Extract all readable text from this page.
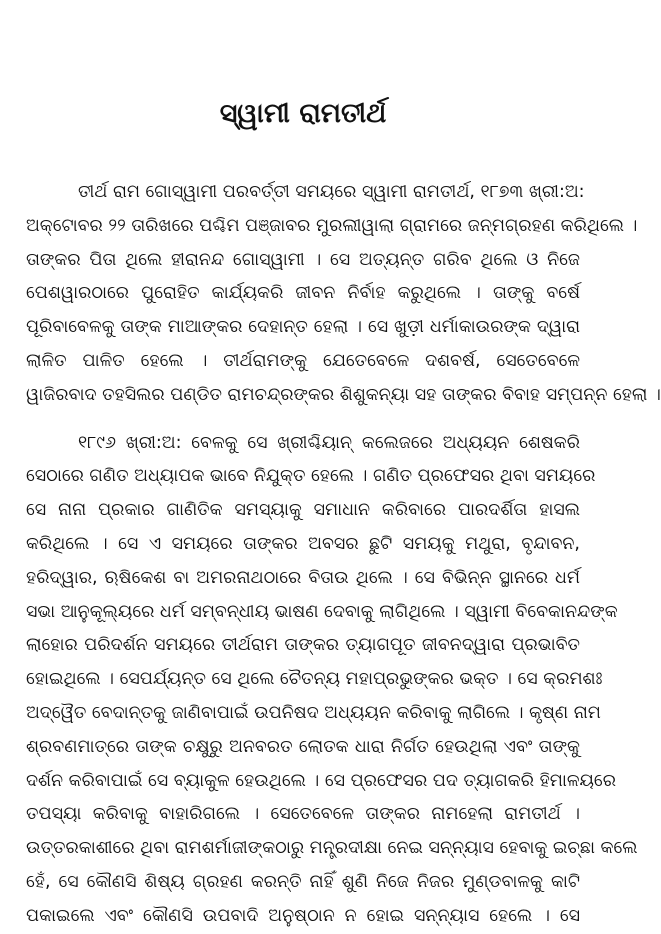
ସ୍ୱାମୀ ରାମତୀର୍ଥ
ତୀର୍ଥ ରାମ ଗୋସ୍ୱାମୀ ପରବର୍ତ୍ତୀ ସମୟରେ ସ୍ୱାମୀ ରାମତୀର୍ଥ, ୧୮୭୩ ଖ୍ରୀ:ଅ:
ଅକ୍ଟୋବର ୨୨ ତାରିଖରେ ପଶ୍ଚିମ ପଞ୍ଜାବର ମୁରଲୀୱାଲା ଗ୍ରାମରେ ଜନ୍ମଗ୍ରହଣ କରିଥିଲେ ।
ତାଙ୍କର ପିତା ଥିଲେ ହୀରାନନ୍ଦ ଗୋସ୍ୱାମୀ । ସେ ଅତ୍ୟନ୍ତ ଗରିବ ଥିଲେ ଓ ନିଜେ
ପେଶୱାରଠାରେ ପୁରୋହିତ କାର୍ଯ୍ୟକରି ଜୀବନ ନିର୍ବାହ କରୁଥିଲେ । ତାଙ୍କୁ ବର୍ଷେ
ପୂରିବାବେଳକୁ ତାଙ୍କ ମାଆଙ୍କର ଦେହାନ୍ତ ହେଲା । ସେ ଖୁଡ଼ୀ ଧର୍ମାକାଉରଙ୍କ ଦ୍ୱାରା
ଲାଳିତ ପାଳିତ ହେଲେ । ତୀର୍ଥରାମଙ୍କୁ ଯେତେବେଳେ ଦଶବର୍ଷ, ସେତେବେଳେ
ୱାଜିରବାଦ ତହସିଲର ପଣ୍ଡିତ ରାମଚନ୍ଦ୍ରଙ୍କର ଶିଶୁକନ୍ୟା ସହ ତାଙ୍କର ବିବାହ ସମ୍ପନ୍ନ ହେଲା ।
୧୮୯୬ ଖ୍ରୀ:ଅ: ବେଳକୁ ସେ ଖ୍ରୀଶ୍ଚିୟାନ୍ କଲେଜରେ ଅଧ୍ୟୟନ ଶେଷକରି
ସେଠାରେ ଗଣିତ ଅଧ୍ୟାପକ ଭାବେ ନିଯୁକ୍ତ ହେଲେ । ଗଣିତ ପ୍ରଫେସର ଥିବା ସମୟରେ
ସେ ନାନା ପ୍ରକାର ଗାଣିତିକ ସମସ୍ୟାକୁ ସମାଧାନ କରିବାରେ ପାରଦର୍ଶିତା ହାସଲ
କରିଥିଲେ । ସେ ଏ ସମୟରେ ତାଙ୍କର ଅବସର ଛୁଟି ସମୟକୁ ମଥୁରା, ବୃନ୍ଦାବନ,
ହରିଦ୍ୱାର, ଋଷିକେଶ ବା ଅମରନାଥଠାରେ ବିତାଉ ଥିଲେ । ସେ ବିଭିନ୍ନ ସ୍ଥାନରେ ଧର୍ମ
ସଭା ଆନୁକୂଲ୍ୟରେ ଧର୍ମ ସମ୍ବନ୍ଧୀୟ ଭାଷଣ ଦେବାକୁ ଲାଗିଥିଲେ । ସ୍ୱାମୀ ବିବେକାନନ୍ଦଙ୍କ
ଲାହୋର ପରିଦର୍ଶନ ସମୟରେ ତୀର୍ଥରାମ ତାଙ୍କର ତ୍ୟାଗପୂତ ଜୀବନଦ୍ୱାରା ପ୍ରଭାବିତ
ହୋଇଥିଲେ । ସେପର୍ଯ୍ୟନ୍ତ ସେ ଥିଲେ ଚୈତନ୍ୟ ମହାପ୍ରଭୁଙ୍କର ଭକ୍ତ । ସେ କ୍ରମଶଃ
ଅଦ୍ୱୈତ ବେଦାନ୍ତକୁ ଜାଣିବାପାଇଁ ଉପନିଷଦ ଅଧ୍ୟୟନ କରିବାକୁ ଲାଗିଲେ । କୃଷ୍ଣ ନାମ
ଶ୍ରବଣମାତ୍ରେ ତାଙ୍କ ଚକ୍ଷୁରୁ ଅନବରତ ଲୋତକ ଧାରା ନିର୍ଗତ ହେଉଥିଲା ଏବଂ ତାଙ୍କୁ
ଦର୍ଶନ କରିବାପାଇଁ ସେ ବ୍ୟାକୁଳ ହେଉଥିଲେ । ସେ ପ୍ରଫେସର ପଦ ତ୍ୟାଗକରି ହିମାଳୟରେ
ତପସ୍ୟା କରିବାକୁ ବାହାରିଗଲେ । ସେତେବେଳେ ତାଙ୍କର ନାମହେଲା ରାମତୀର୍ଥ ।
ଉତ୍ତରକାଶୀରେ ଥିବା ରାମଶର୍ମାଜୀଙ୍କଠାରୁ ମନ୍ତ୍ରଦୀକ୍ଷା ନେଇ ସନ୍ନ୍ୟାସ ହେବାକୁ ଇଚ୍ଛା କଲେ
ହେଁ, ସେ କୌଣସି ଶିଷ୍ୟ ଗ୍ରହଣ କରନ୍ତି ନାହିଁ ଶୁଣି ନିଜେ ନିଜର ମୁଣ୍ଡବାଳକୁ କାଟି
ପକାଇଲେ ଏବଂ କୌଣସି ଉପବାଦି ଅନୁଷ୍ଠାନ ନ ହୋଇ ସନ୍ନ୍ୟାସ ହେଲେ । ସେ
